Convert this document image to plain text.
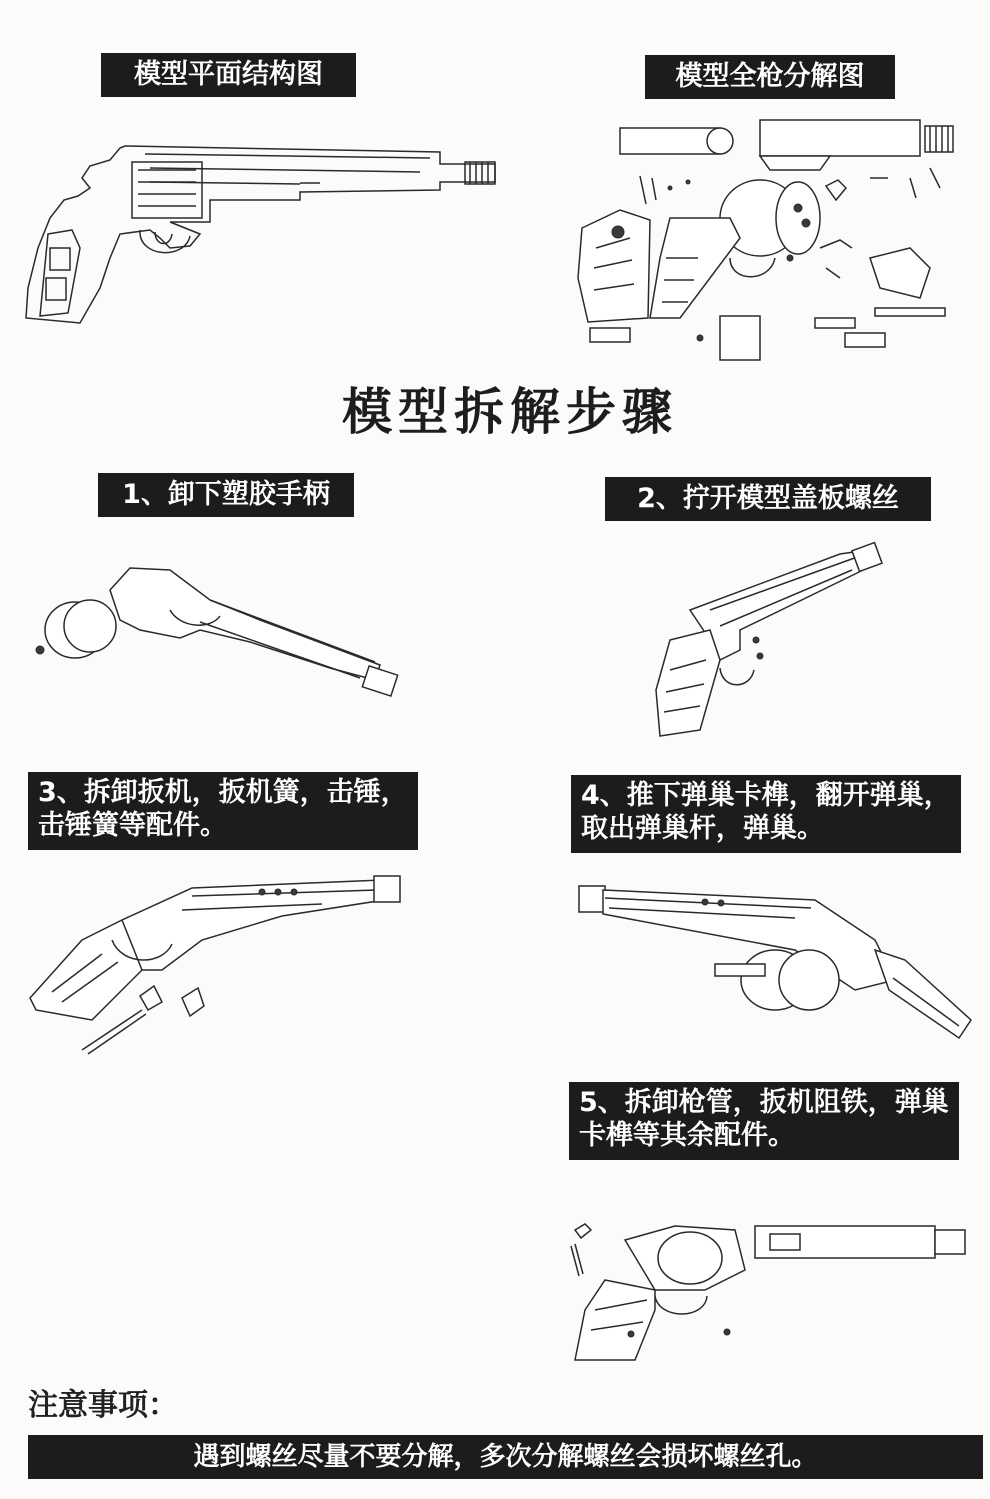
模型平面结构图	模型全枪分解图
模型拆解步骤
1、卸下塑胶手柄	2、拧开模型盖板螺丝
3、拆卸扳机，扳机簧，击锤，击锤簧等配件。
4、推下弹巢卡榫，翻开弹巢，取出弹巢杆，弹巢。
5、拆卸枪管，扳机阻铁，弹巢卡榫等其余配件。
注意事项：
遇到螺丝尽量不要分解，多次分解螺丝会损坏螺丝孔。
